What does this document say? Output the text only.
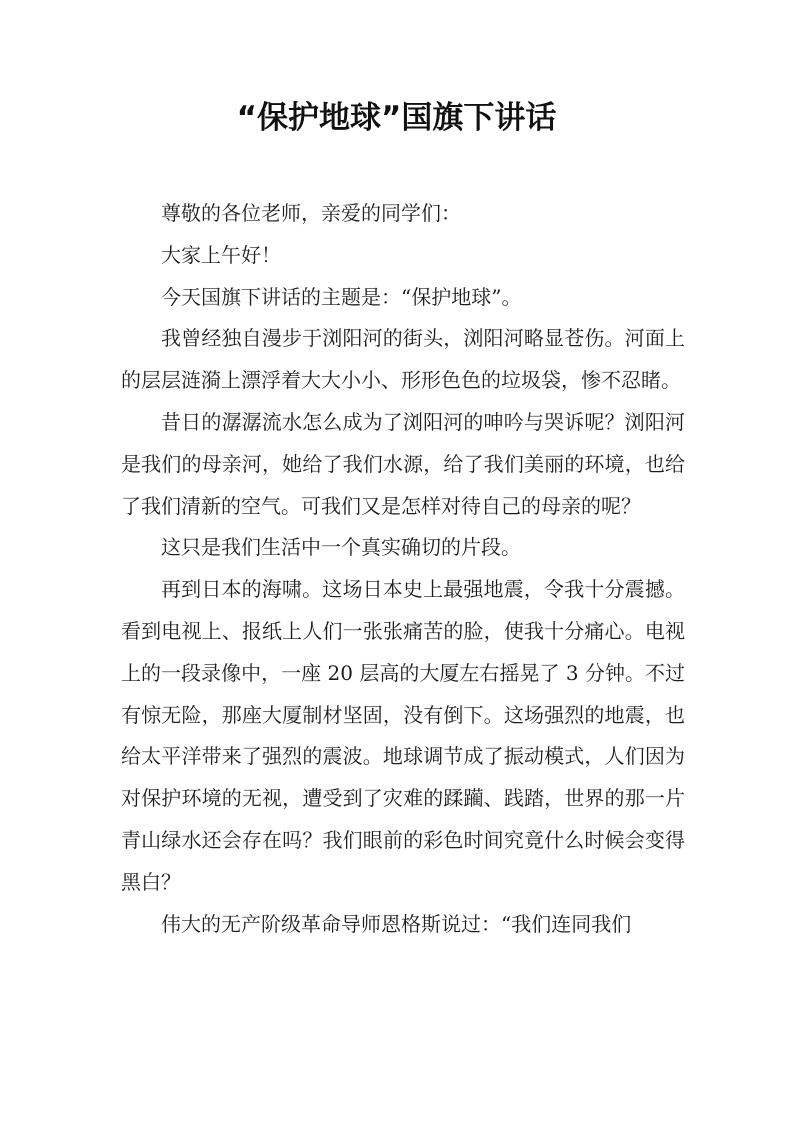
“保护地球”国旗下讲话

尊敬的各位老师，亲爱的同学们：

大家上午好！

今天国旗下讲话的主题是：“保护地球”。

我曾经独自漫步于浏阳河的街头，浏阳河略显苍伤。河面上的层层涟漪上漂浮着大大小小、形形色色的垃圾袋，惨不忍睹。

昔日的潺潺流水怎么成为了浏阳河的呻吟与哭诉呢？浏阳河是我们的母亲河，她给了我们水源，给了我们美丽的环境，也给了我们清新的空气。可我们又是怎样对待自己的母亲的呢？

这只是我们生活中一个真实确切的片段。

再到日本的海啸。这场日本史上最强地震，令我十分震撼。看到电视上、报纸上人们一张张痛苦的脸，使我十分痛心。电视上的一段录像中，一座 20 层高的大厦左右摇晃了 3 分钟。不过有惊无险，那座大厦制材坚固，没有倒下。这场强烈的地震，也给太平洋带来了强烈的震波。地球调节成了振动模式，人们因为对保护环境的无视，遭受到了灾难的蹂躏、践踏，世界的那一片青山绿水还会存在吗？我们眼前的彩色时间究竟什么时候会变得黑白？

伟大的无产阶级革命导师恩格斯说过：“我们连同我们
